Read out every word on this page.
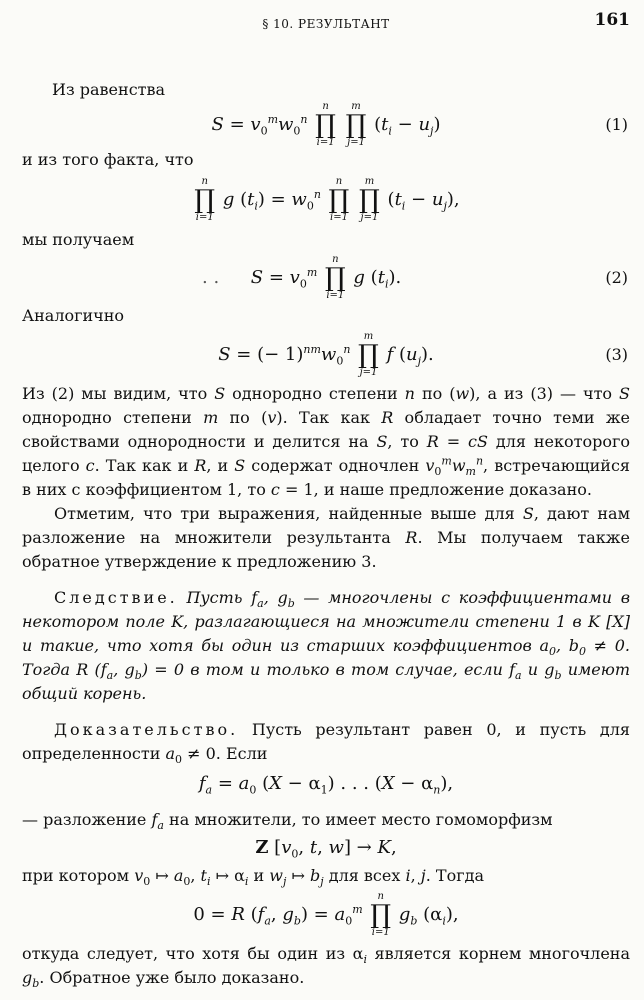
§ 10. РЕЗУЛЬТАНТ	161

Из равенства

$S = v_0^mw_0^n$
n
∏
i=1

m
∏
j=1
$(t_i - u_j)$	(1)

и из того факта, что

n
∏
i=1
g $(t_i) = w_0^n$
n
∏
i=1

m
∏
j=1
$(t_i - u_j)$,

мы получаем

. . $S = v_0^m$
n
∏
i=1
g $(t_i)$.	(2)

Аналогично

S = (− $1)^{nm}w_0^n$
m
∏
j=1
f $(u_j)$.	(3)

Из (2) мы видим, что S однородно степени n по (w), а из (3) — что S однородно степени m по (v). Так как R обладает точно теми же свойствами однородности и делится на S, то R = cS для некоторого целого c. Так как и R, и S содержат одночлен $v_0^mw_m^n$, встречающийся в них с коэффициентом 1, то c = 1, и наше предложение доказано.

Отметим, что три выражения, найденные выше для S, дают нам разложение на множители результанта R. Мы получаем также обратное утверждение к предложению 3.

Следствие. Пусть $f_a$, $g_b$ — многочлены с коэффициентами в некотором поле K, разлагающиеся на множители степени 1 в K [X] и такие, что хотя бы один из старших коэффициентов $a_0$, $b_0 \ne 0$. Тогда R ($f_a$, $g_b) = 0$ в том и только в том случае, если $f_a$ и $g_b$ имеют общий корень.

Доказательство. Пусть результант равен 0, и пусть для определенности $a_0 \ne 0$. Если

$f_a = a_0$ $(X - \alpha_1)$ . . . $(X - \alpha_n)$,

— разложение $f_a$ на множители, то имеет место гомоморфизм

Z [$v_0$, t, w] → K,

при котором $v_0$ ↦ $a_0$, $t_i$ ↦ $\alpha_i$ и $w_j$ ↦ $b_j$ для всех i, j. Тогда

0 = R ($f_a$, $g_b) = a_0^m$
n
∏
i=1
$g_b$ $(\alpha_i)$,

откуда следует, что хотя бы один из $\alpha_i$ является корнем многочлена $g_b$. Обратное уже было доказано.
